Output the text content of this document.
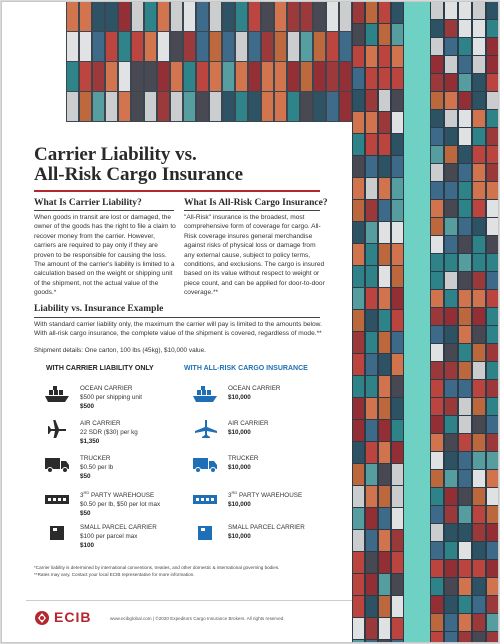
Carrier Liability vs.
All-Risk Cargo Insurance
What Is Carrier Liability?
When goods in transit are lost or damaged, the owner of the goods has the right to file a claim to recover money from the carrier. However, carriers are required to pay only if they are proven to be responsible for causing the loss. The amount of the carrier's liability is limited to a calculation based on the weight or shipping unit of the shipment, not the actual value of the goods.*
What Is All-Risk Cargo Insurance?
"All-Risk" insurance is the broadest, most comprehensive form of coverage for cargo. All-Risk coverage insures general merchandise against risks of physical loss or damage from any external cause, subject to policy terms, conditions, and exclusions. The cargo is insured based on its value without respect to weight or piece count, and can be applied for door-to-door coverage.**
Liability vs. Insurance Example
With standard carrier liability only, the maximum the carrier will pay is limited to the amounts below. With all-risk cargo insurance, the complete value of the shipment is covered, regardless of mode.**
Shipment details: One carton, 100 lbs (45kg), $10,000 value.
WITH CARRIER LIABILITY ONLY	WITH ALL-RISK CARGO INSURANCE
OCEAN CARRIER
$500 per shipping unit
$500
AIR CARRIER
22 SDR ($30) per kg
$1,350
TRUCKER
$0.50 per lb
$50
3RD PARTY WAREHOUSE
$0.50 per lb, $50 per lot max
$50
SMALL PARCEL CARRIER
$100 per parcel max
$100
OCEAN CARRIER
$10,000
AIR CARRIER
$10,000
TRUCKER
$10,000
3RD PARTY WAREHOUSE
$10,000
SMALL PARCEL CARRIER
$10,000
*Carrier liability is determined by international conventions, treaties, and other domestic & international governing bodies.
**Rates may vary. Contact your local ECIB representative for more information.
ECIB	www.ecibglobal.com | ©2020 Expeditors Cargo Insurance Brokers. All rights reserved.
